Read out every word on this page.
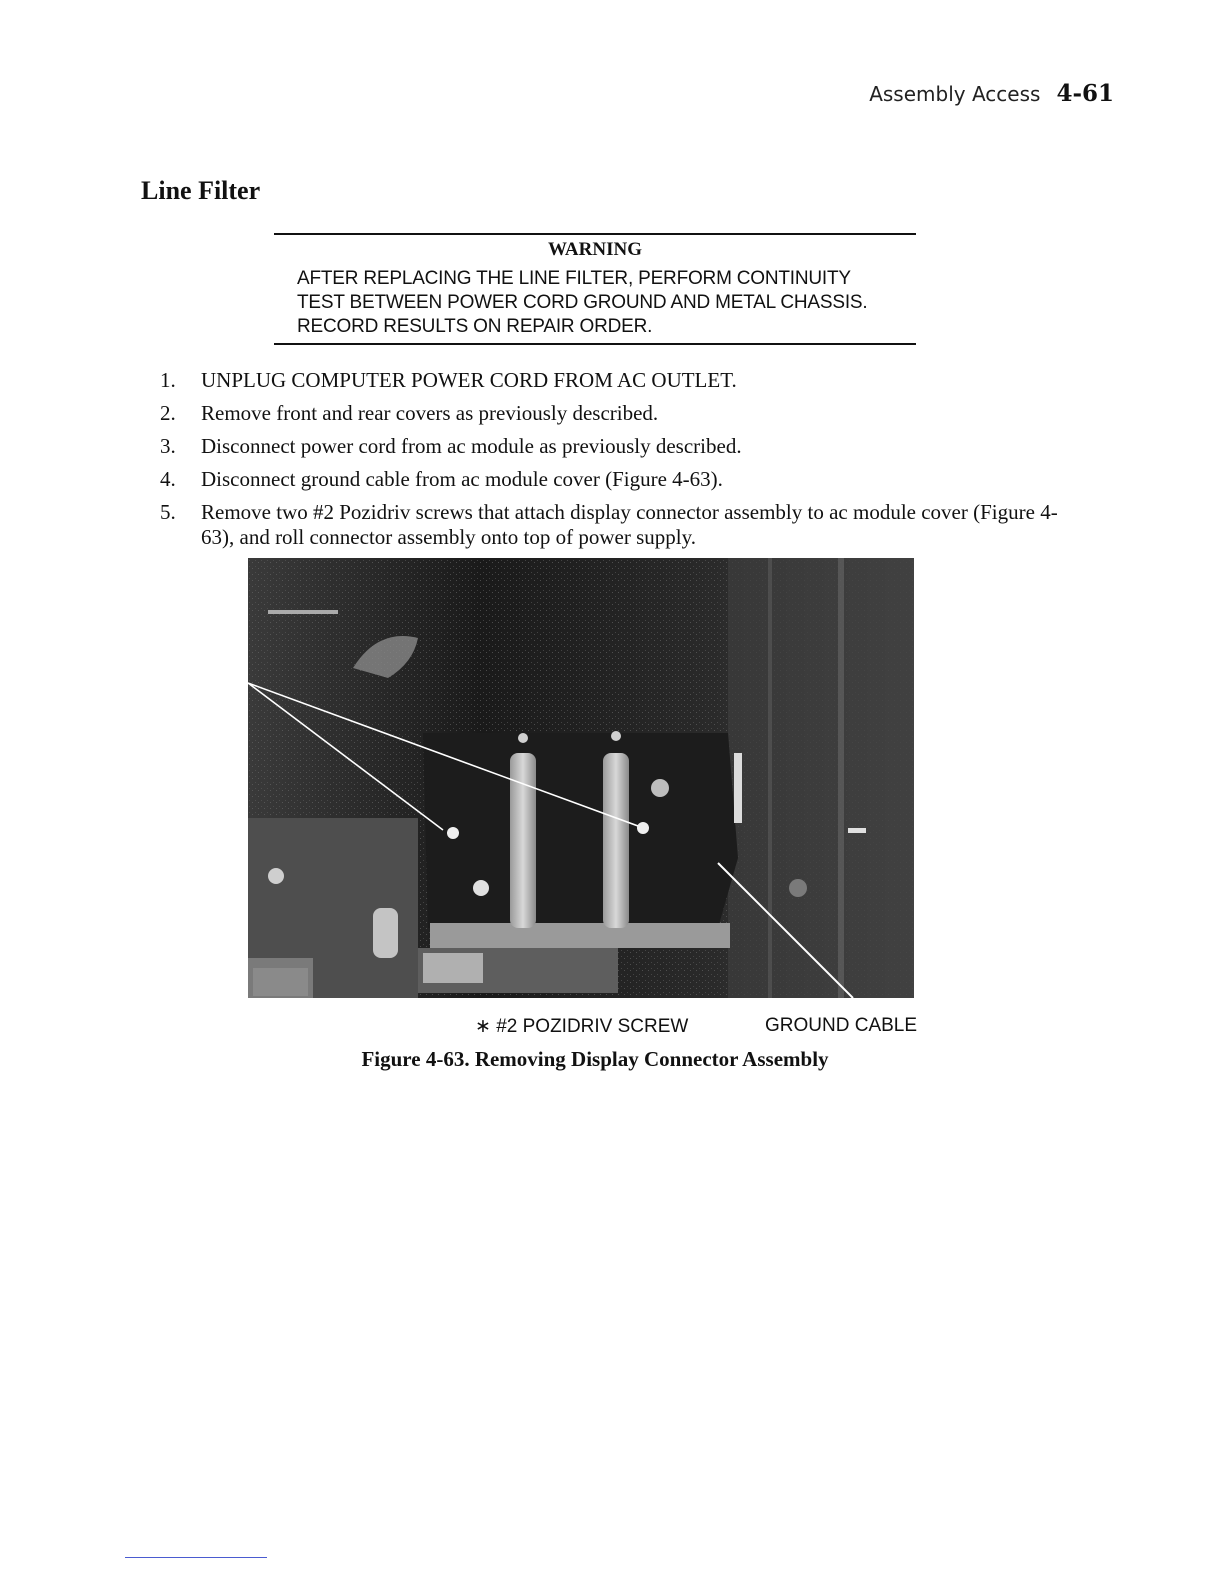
Assembly Access 4-61
Line Filter
WARNING
AFTER REPLACING THE LINE FILTER, PERFORM CONTINUITY
TEST BETWEEN POWER CORD GROUND AND METAL CHASSIS.
RECORD RESULTS ON REPAIR ORDER.
1.	UNPLUG COMPUTER POWER CORD FROM AC OUTLET.
2.	Remove front and rear covers as previously described.
3.	Disconnect power cord from ac module as previously described.
4.	Disconnect ground cable from ac module cover (Figure 4-63).
5.	Remove two #2 Pozidriv screws that attach display connector assembly to ac module cover (Figure 4-63), and roll connector assembly onto top of power supply.
∗ #2 POZIDRIV SCREW	GROUND CABLE
Figure 4-63. Removing Display Connector Assembly
